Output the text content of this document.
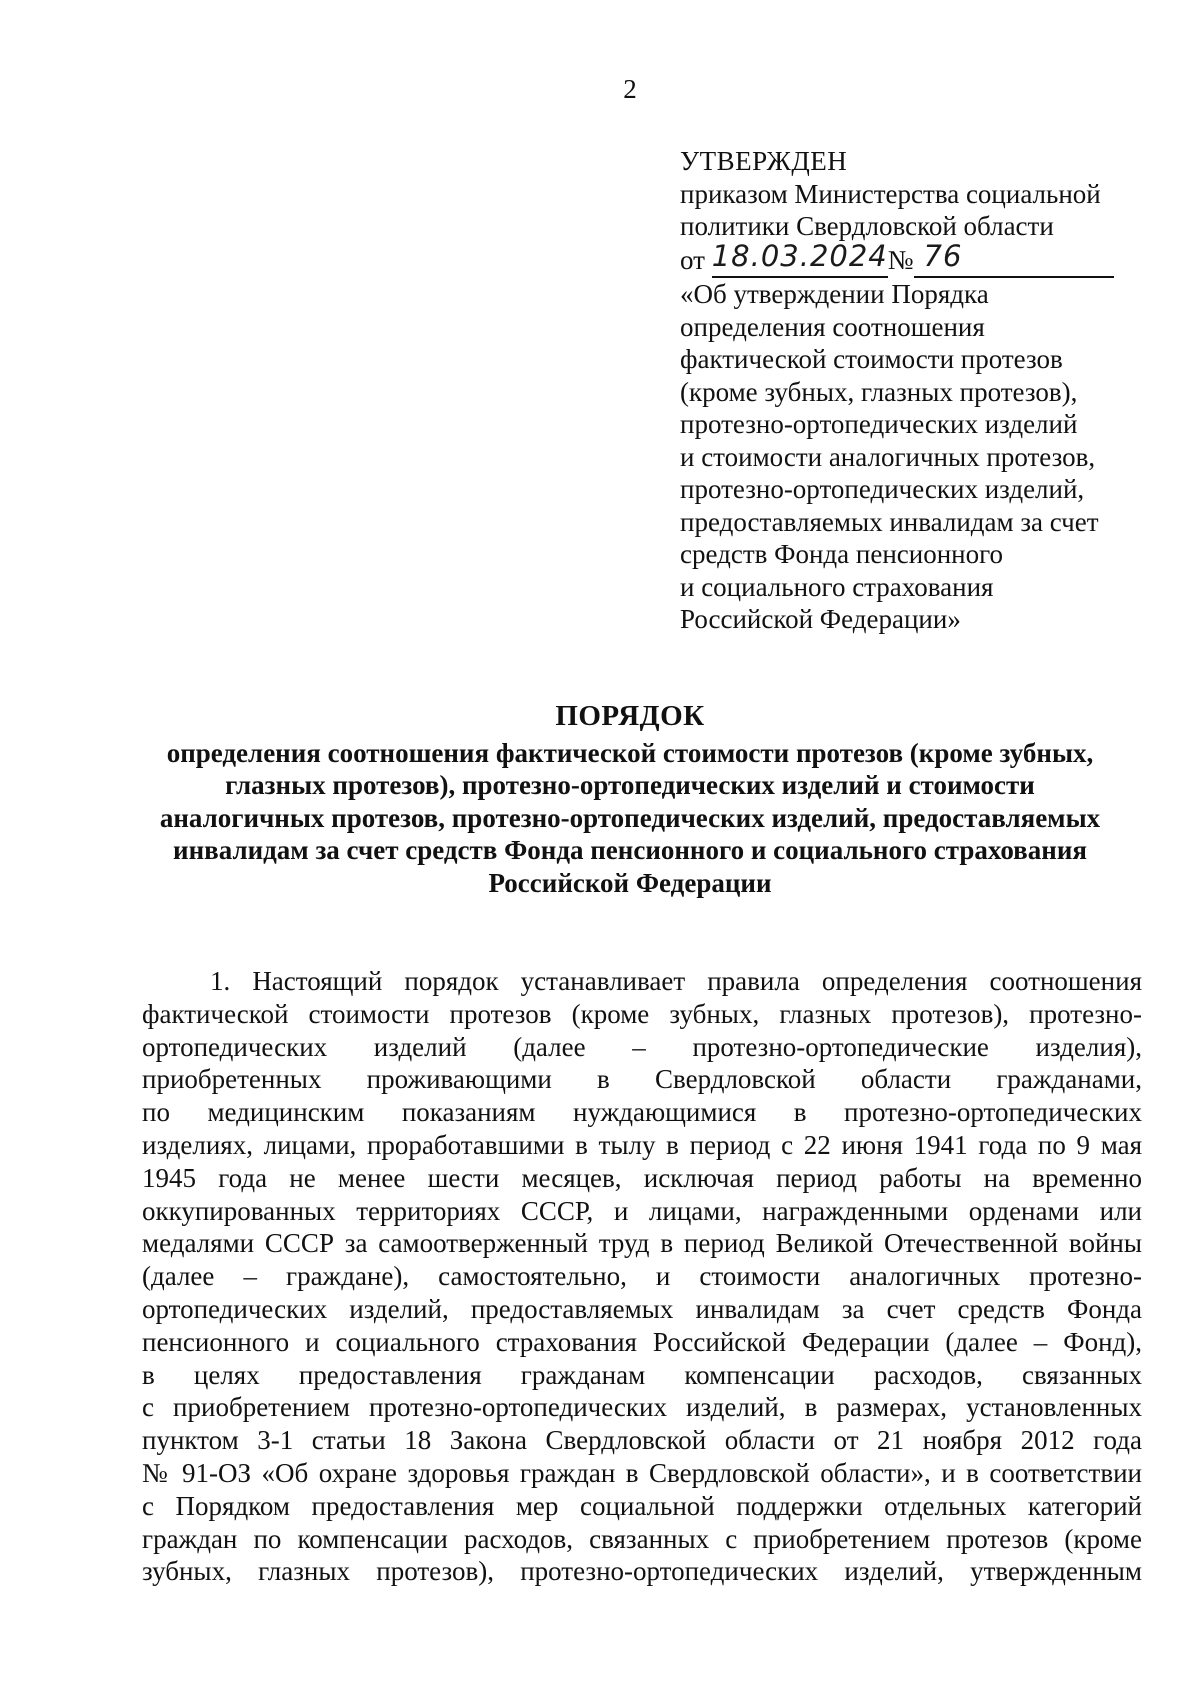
2
УТВЕРЖДЕН
приказом Министерства социальной
политики Свердловской области
от 18.03.2024№ 76
«Об утверждении Порядка
определения соотношения
фактической стоимости протезов
(кроме зубных, глазных протезов),
протезно-ортопедических изделий
и стоимости аналогичных протезов,
протезно-ортопедических изделий,
предоставляемых инвалидам за счет
средств Фонда пенсионного
и социального страхования
Российской Федерации»
ПОРЯДОК
определения соотношения фактической стоимости протезов (кроме зубных,
глазных протезов), протезно-ортопедических изделий и стоимости
аналогичных протезов, протезно-ортопедических изделий, предоставляемых
инвалидам за счет средств Фонда пенсионного и социального страхования
Российской Федерации
1. Настоящий порядок устанавливает правила определения соотношения
фактической стоимости протезов (кроме зубных, глазных протезов), протезно-
ортопедических изделий (далее – протезно-ортопедические изделия),
приобретенных проживающими в Свердловской области гражданами,
по медицинским показаниям нуждающимися в протезно-ортопедических
изделиях, лицами, проработавшими в тылу в период с 22 июня 1941 года по 9 мая
1945 года не менее шести месяцев, исключая период работы на временно
оккупированных территориях СССР, и лицами, награжденными орденами или
медалями СССР за самоотверженный труд в период Великой Отечественной войны
(далее – граждане), самостоятельно, и стоимости аналогичных протезно-
ортопедических изделий, предоставляемых инвалидам за счет средств Фонда
пенсионного и социального страхования Российской Федерации (далее – Фонд),
в целях предоставления гражданам компенсации расходов, связанных
с приобретением протезно-ортопедических изделий, в размерах, установленных
пунктом 3-1 статьи 18 Закона Свердловской области от 21 ноября 2012 года
№ 91-ОЗ «Об охране здоровья граждан в Свердловской области», и в соответствии
с Порядком предоставления мер социальной поддержки отдельных категорий
граждан по компенсации расходов, связанных с приобретением протезов (кроме
зубных, глазных протезов), протезно-ортопедических изделий, утвержденным
